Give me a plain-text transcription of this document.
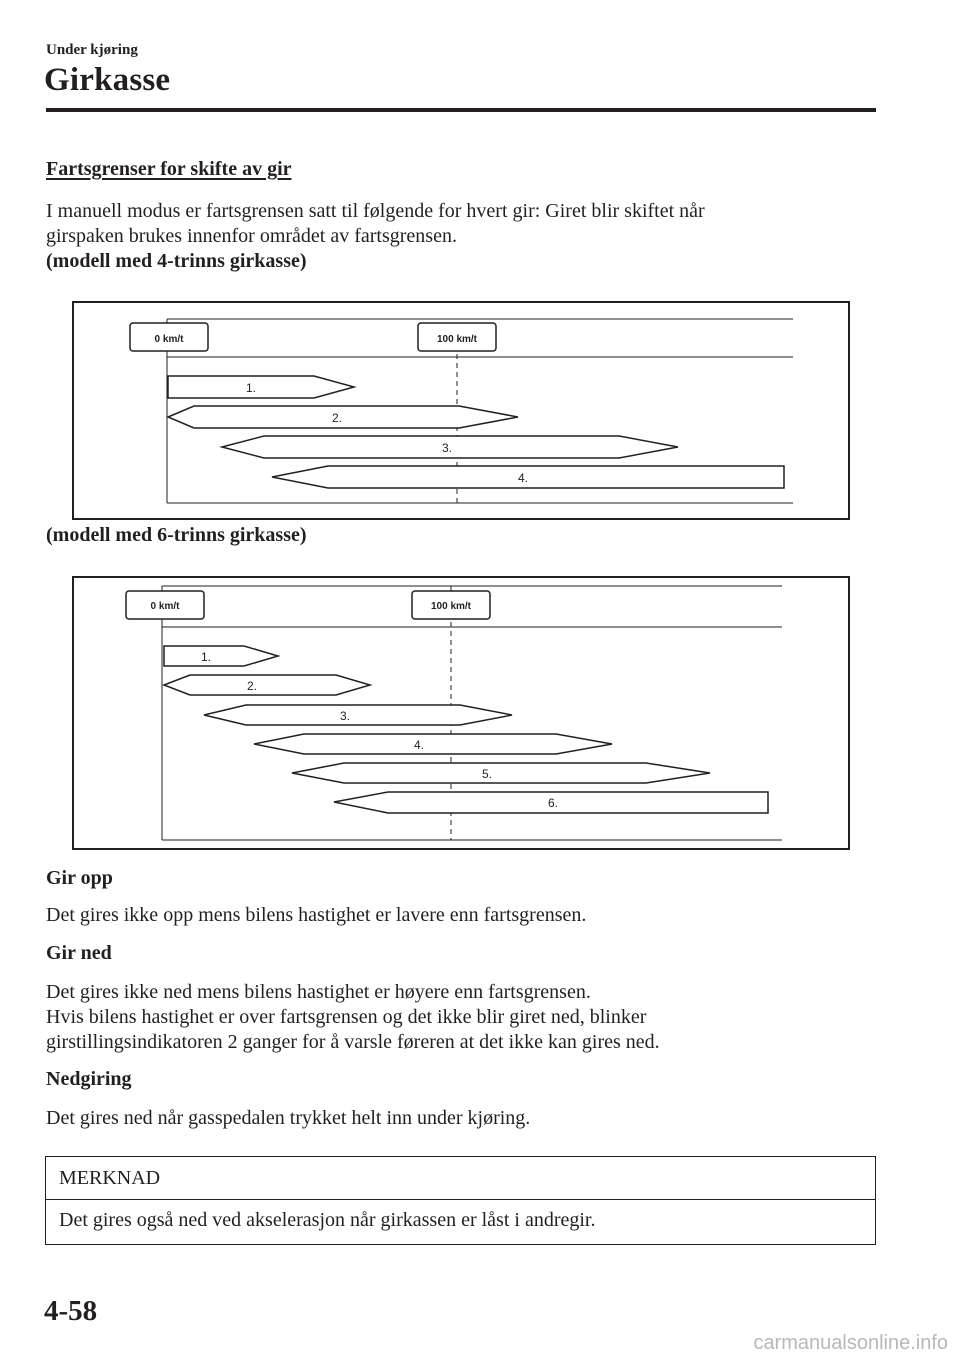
Under kjøring
Girkasse
Fartsgrenser for skifte av gir
I manuell modus er fartsgrensen satt til følgende for hvert gir: Giret blir skiftet når
girspaken brukes innenfor området av fartsgrensen.
(modell med 4-trinns girkasse)
0 km/t	100 km/t
1.
2.
3.
4.
(modell med 6-trinns girkasse)
0 km/t	100 km/t
1.
2.
3.
4.
5.
6.
Gir opp
Det gires ikke opp mens bilens hastighet er lavere enn fartsgrensen.
Gir ned
Det gires ikke ned mens bilens hastighet er høyere enn fartsgrensen.
Hvis bilens hastighet er over fartsgrensen og det ikke blir giret ned, blinker
girstillingsindikatoren 2 ganger for å varsle føreren at det ikke kan gires ned.
Nedgiring
Det gires ned når gasspedalen trykket helt inn under kjøring.
MERKNAD
Det gires også ned ved akselerasjon når girkassen er låst i andregir.
4-58
carmanualsonline.info
